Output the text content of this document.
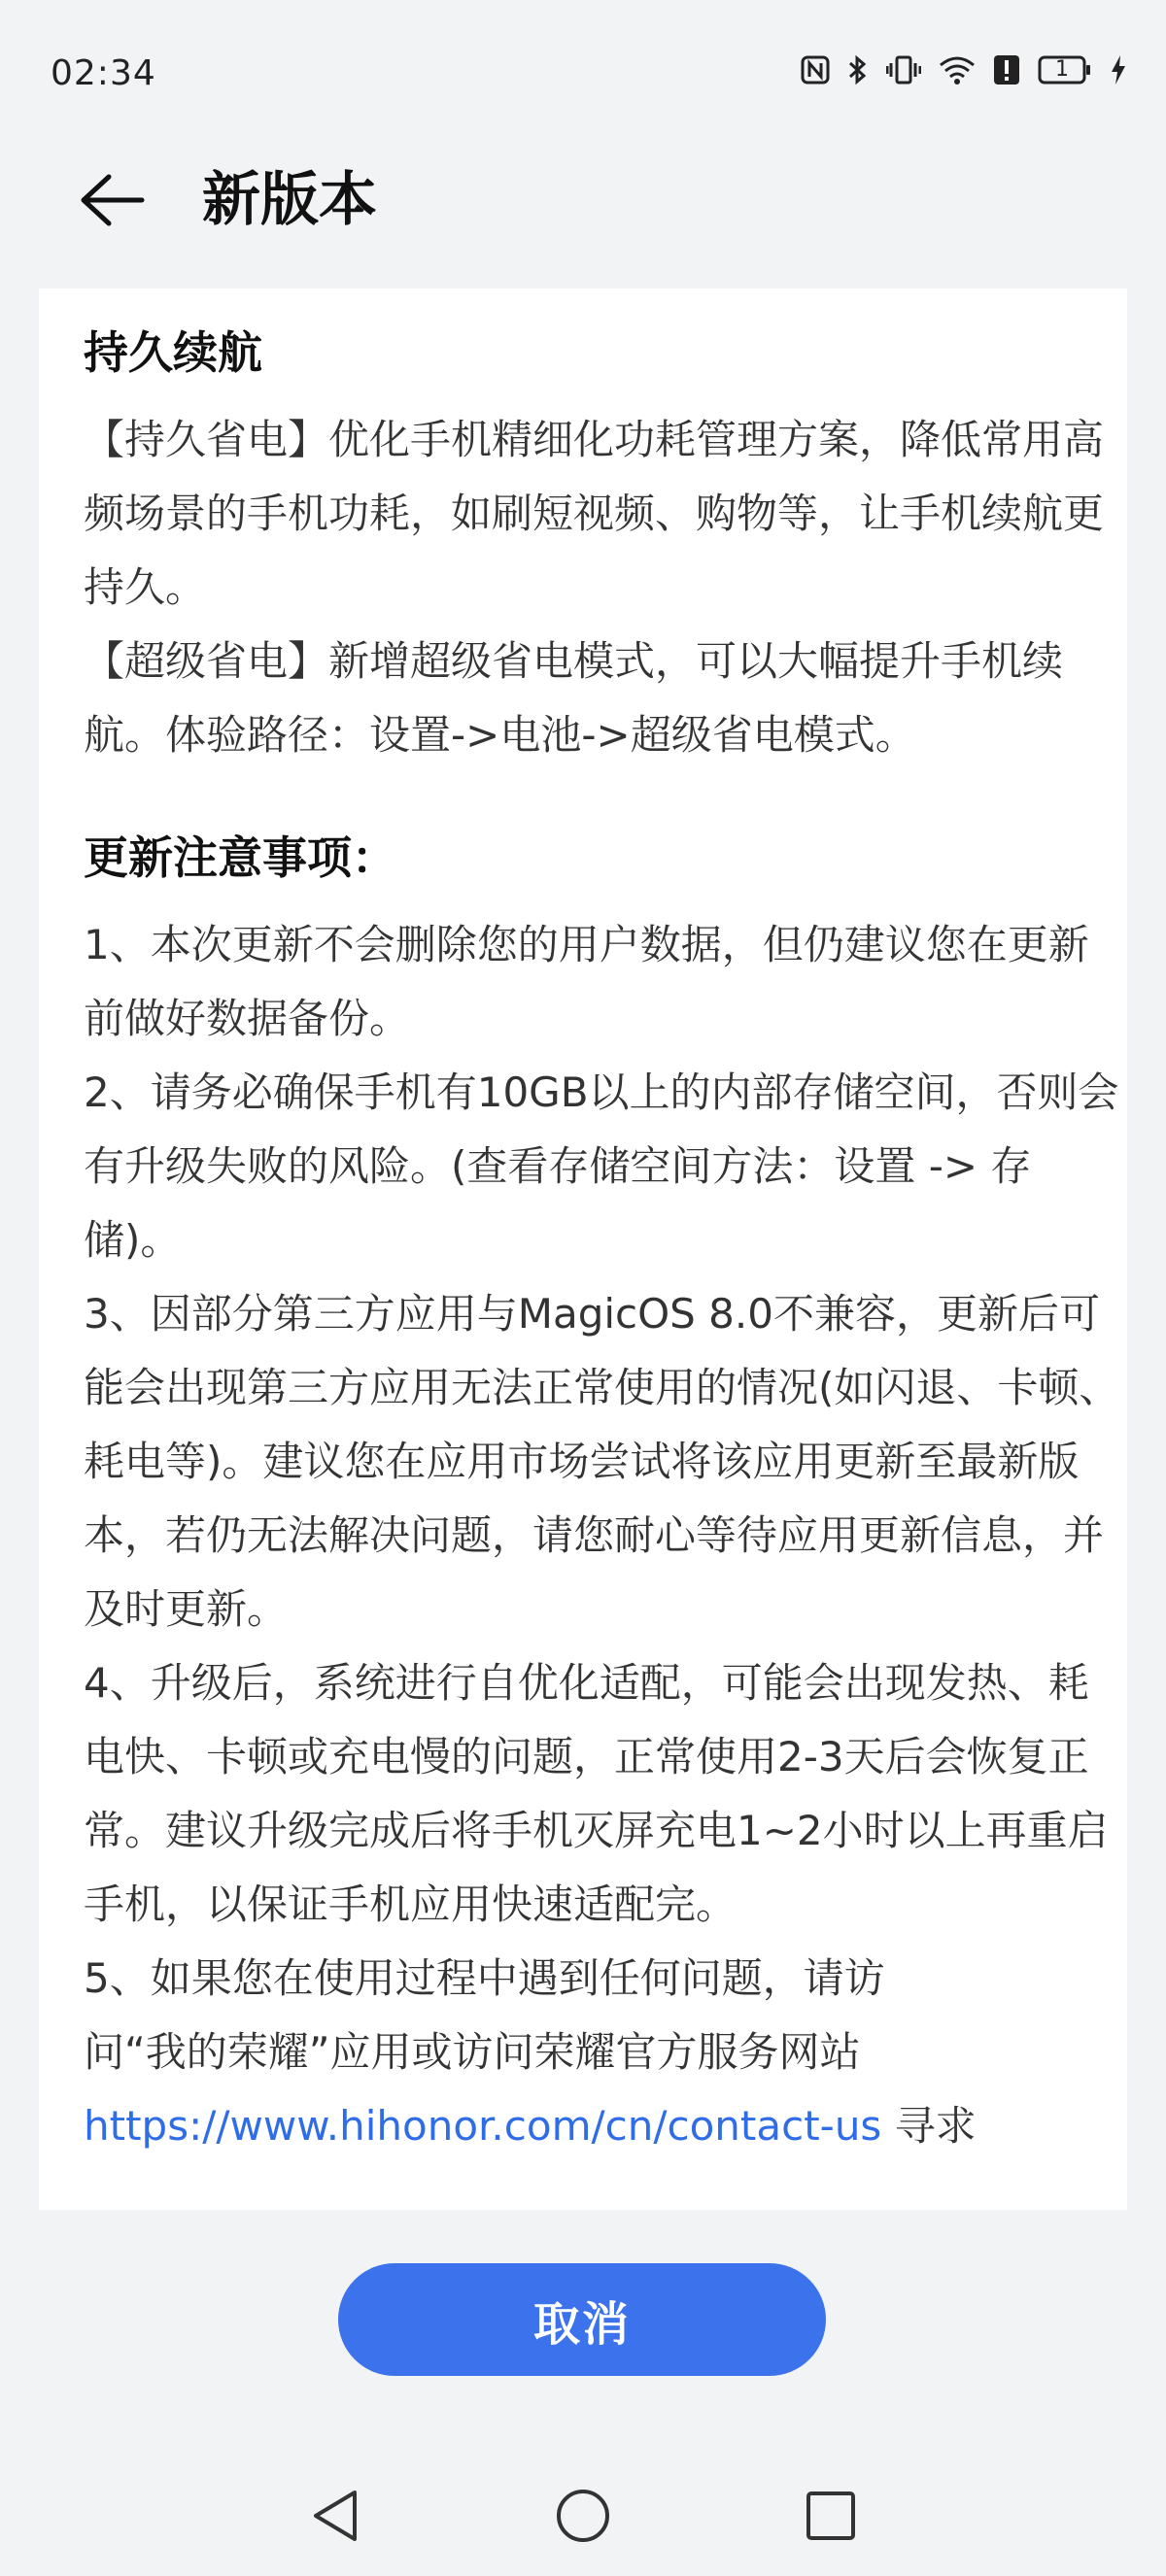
02:34	1
新版本
持久续航

【持久省电】优化手机精细化功耗管理方案，降低常用高频场景的手机功耗，如刷短视频、购物等，让手机续航更持久。

【超级省电】新增超级省电模式，可以大幅提升手机续航。体验路径：设置->电池->超级省电模式。

更新注意事项：

1、本次更新不会删除您的用户数据，但仍建议您在更新前做好数据备份。

2、请务必确保手机有10GB以上的内部存储空间，否则会有升级失败的风险。(查看存储空间方法：设置 -> 存储)。

3、因部分第三方应用与MagicOS 8.0不兼容，更新后可能会出现第三方应用无法正常使用的情况(如闪退、卡顿、耗电等)。建议您在应用市场尝试将该应用更新至最新版本，若仍无法解决问题，请您耐心等待应用更新信息，并及时更新。

4、升级后，系统进行自优化适配，可能会出现发热、耗电快、卡顿或充电慢的问题，正常使用2-3天后会恢复正常。建议升级完成后将手机灭屏充电1~2小时以上再重启手机，以保证手机应用快速适配完。

5、如果您在使用过程中遇到任何问题，请访
问“我的荣耀”应用或访问荣耀官方服务网站
https://www.hihonor.com/cn/contact-us 寻求

取消
